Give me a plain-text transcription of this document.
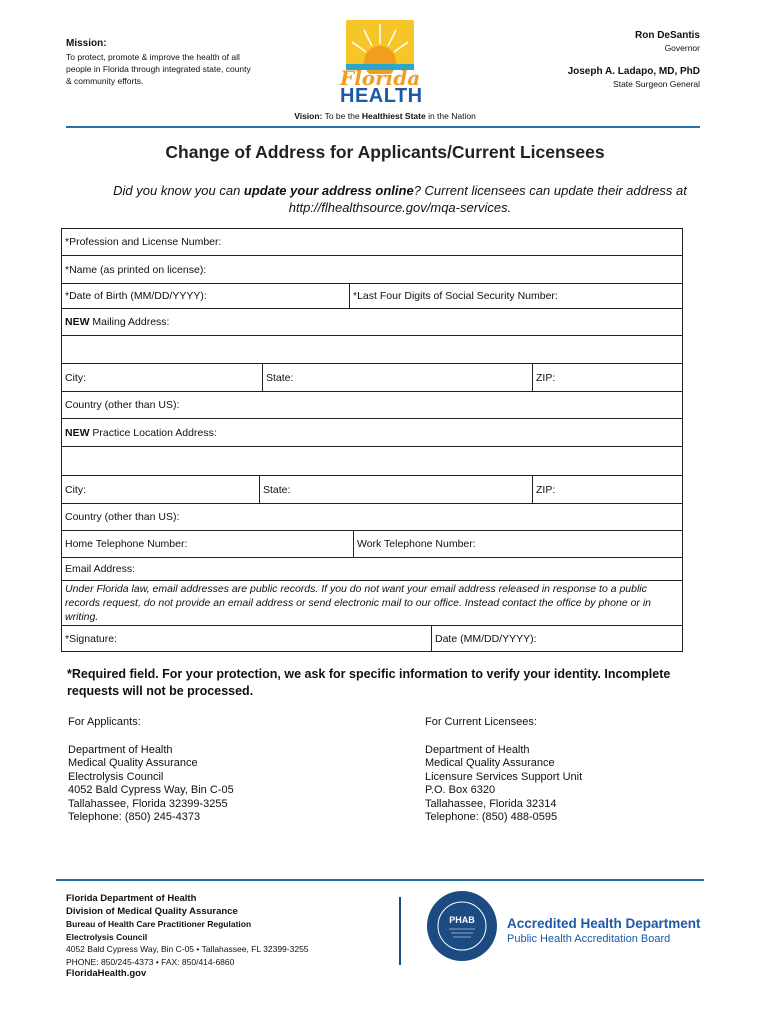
Mission:
To protect, promote & improve the health of all people in Florida through integrated state, county & community efforts.	Florida
HEALTH
Ron DeSantis
Governor
Joseph A. Ladapo, MD, PhD
State Surgeon General
Vision: To be the Healthiest State in the Nation
Change of Address for Applicants/Current Licensees
Did you know you can update your address online? Current licensees can update their address at http://flhealthsource.gov/mqa-services.
*Profession and License Number:
*Name (as printed on license):
*Date of Birth (MM/DD/YYYY):	*Last Four Digits of Social Security Number:
NEW Mailing Address:
City:	State:	ZIP:
Country (other than US):
NEW Practice Location Address:
City:	State:	ZIP:
Country (other than US):
Home Telephone Number:	Work Telephone Number:
Email Address:
Under Florida law, email addresses are public records. If you do not want your email address released in response to a public records request, do not provide an email address or send electronic mail to our office. Instead contact the office by phone or in writing.
*Signature:	Date (MM/DD/YYYY):
*Required field. For your protection, we ask for specific information to verify your identity. Incomplete requests will not be processed.
For Applicants:
Department of Health
Medical Quality Assurance
Electrolysis Council
4052 Bald Cypress Way, Bin C-05
Tallahassee, Florida 32399-3255
Telephone: (850) 245-4373
For Current Licensees:
Department of Health
Medical Quality Assurance
Licensure Services Support Unit
P.O. Box 6320
Tallahassee, Florida 32314
Telephone: (850) 488-0595
Florida Department of Health
Division of Medical Quality Assurance
Bureau of Health Care Practitioner Regulation
Electrolysis Council
4052 Bald Cypress Way, Bin C-05 • Tallahassee, FL 32399-3255
PHONE: 850/245-4373 • FAX: 850/414-6860
FloridaHealth.gov
PHAB Accredited Health Department
Public Health Accreditation Board
